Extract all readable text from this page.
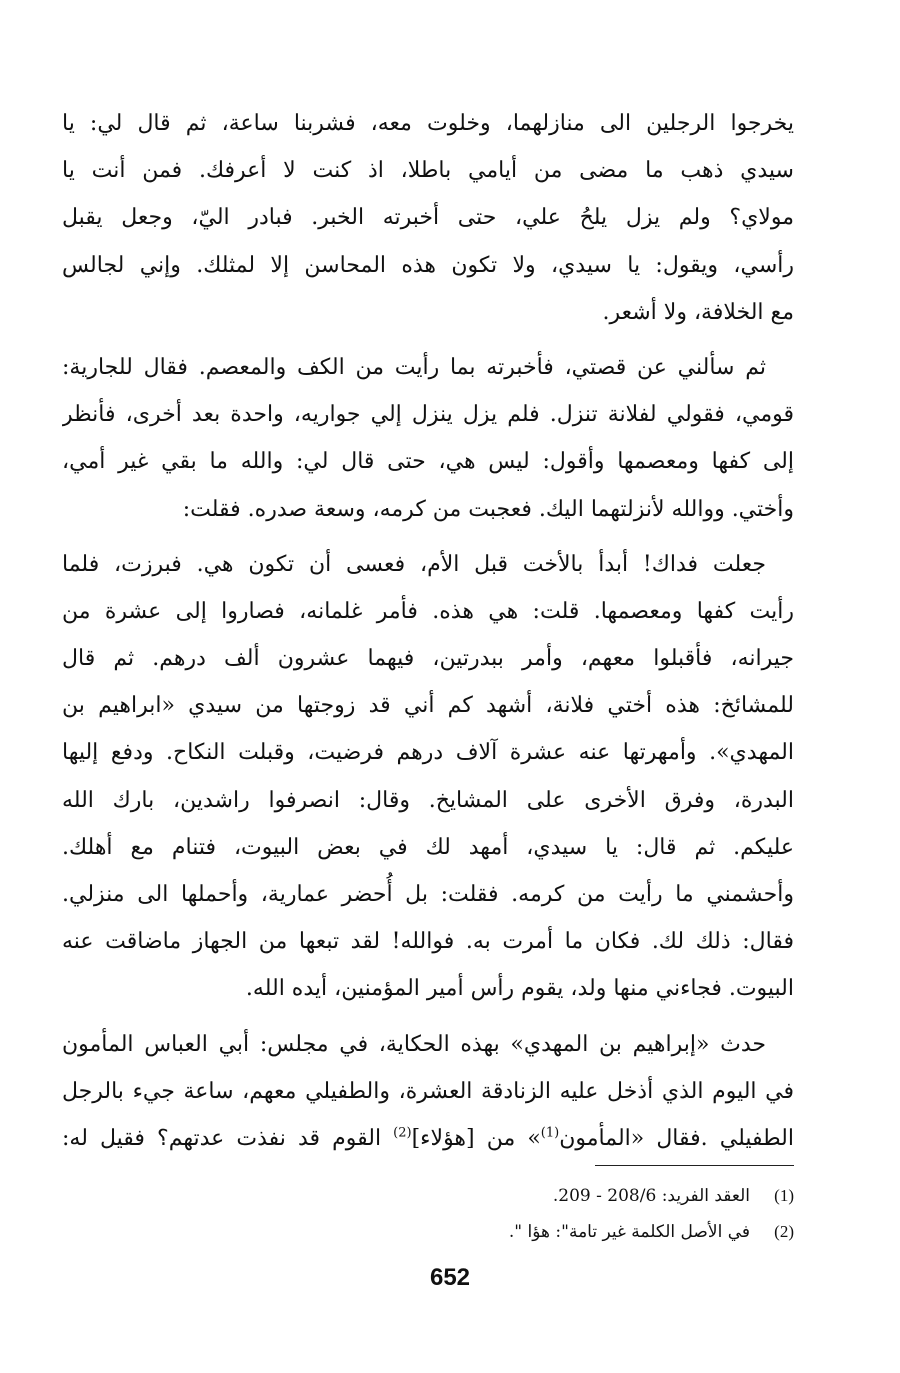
يخرجوا الرجلين الى منازلهما، وخلوت معه، فشربنا ساعة، ثم قال لي: يا
سيدي ذهب ما مضى من أيامي باطلا، اذ كنت لا أعرفك. فمن أنت يا
مولاي؟ ولم يزل يلحُ علي، حتى أخبرته الخبر. فبادر اليّ، وجعل يقبل
رأسي، ويقول: يا سيدي، ولا تكون هذه المحاسن إلا لمثلك. وإني لجالس
مع الخلافة، ولا أشعر.
ثم سألني عن قصتي، فأخبرته بما رأيت من الكف والمعصم. فقال للجارية:
قومي، فقولي لفلانة تنزل. فلم يزل ينزل إلي جواريه، واحدة بعد أخرى، فأنظر
إلى كفها ومعصمها وأقول: ليس هي، حتى قال لي: والله ما بقي غير أمي،
وأختي. ووالله لأنزلتهما اليك. فعجبت من كرمه، وسعة صدره. فقلت:
جعلت فداك! أبدأ بالأخت قبل الأم، فعسى أن تكون هي. فبرزت، فلما
رأيت كفها ومعصمها. قلت: هي هذه. فأمر غلمانه، فصاروا إلى عشرة من
جيرانه، فأقبلوا معهم، وأمر ببدرتين، فيهما عشرون ألف درهم. ثم قال
للمشائخ: هذه أختي فلانة، أشهد كم أني قد زوجتها من سيدي «ابراهيم بن
المهدي». وأمهرتها عنه عشرة آلاف درهم فرضيت، وقبلت النكاح. ودفع إليها
البدرة، وفرق الأخرى على المشايخ. وقال: انصرفوا راشدين، بارك الله
عليكم. ثم قال: يا سيدي، أمهد لك في بعض البيوت، فتنام مع أهلك.
وأحشمني ما رأيت من كرمه. فقلت: بل أُحضر عمارية، وأحملها الى منزلي.
فقال: ذلك لك. فكان ما أمرت به. فوالله! لقد تبعها من الجهاز ماضاقت عنه
البيوت. فجاءني منها ولد، يقوم رأس أمير المؤمنين، أيده الله.
حدث «إبراهيم بن المهدي» بهذه الحكاية، في مجلس: أبي العباس المأمون
في اليوم الذي أذخل عليه الزنادقة العشرة، والطفيلي معهم، ساعة جيء بالرجل
الطفيلي .فقال «المأمون$^{(1)}$» من [هؤلاء]$^{(2)}$ القوم قد نفذت عدتهم؟ فقيل له:
(1)العقد الفريد: 208/6 - 209.
(2)في الأصل الكلمة غير تامة": هؤا ".
652
